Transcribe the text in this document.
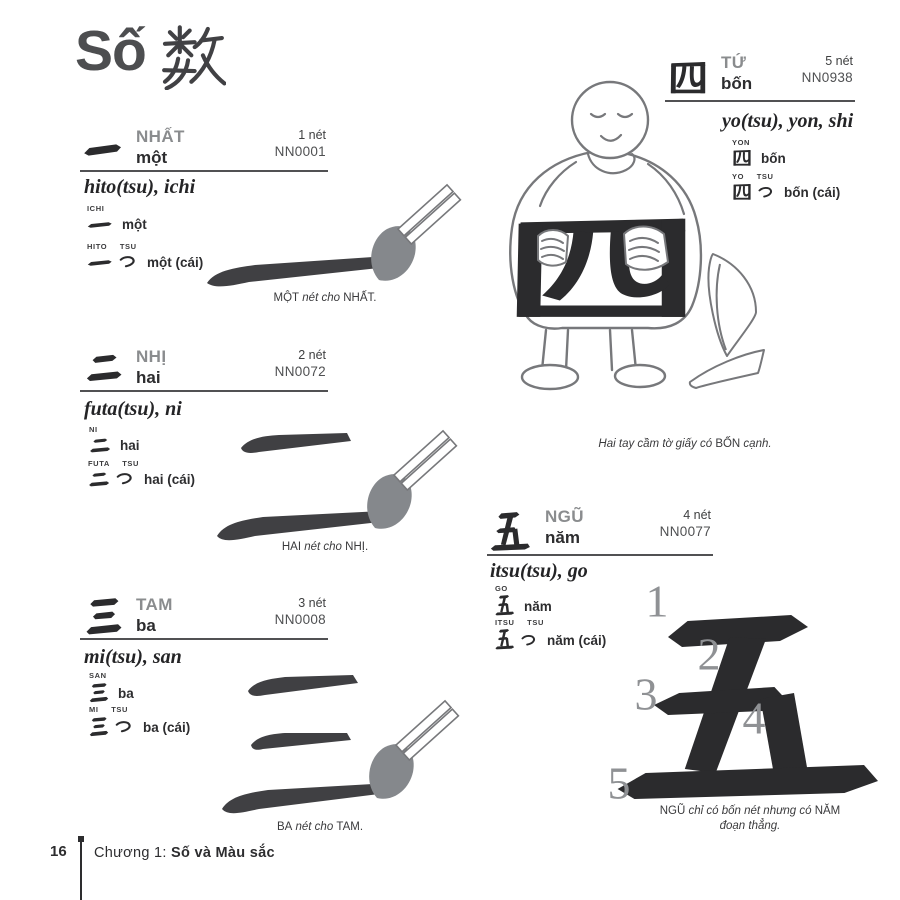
Số
NHẤT
một
1 nét
NN0001
hito(tsu), ichi
ICHI
một
HITO TSU
một (cái)
MỘT nét cho NHẤT.
NHỊ
hai
2 nét
NN0072
futa(tsu), ni
NI
hai
FUTA TSU
hai (cái)
HAI nét cho NHỊ.
TAM
ba
3 nét
NN0008
mi(tsu), san
SAN
ba
MI TSU
ba (cái)
BA nét cho TAM.
TỨ
bốn
5 nét
NN0938
yo(tsu), yon, shi
YON
bốn
YO TSU
bốn (cái)
Hai tay cầm tờ giấy có BỐN cạnh.
NGŨ
năm
4 nét
NN0077
itsu(tsu), go
GO
năm
ITSU TSU
năm (cái)
1
2
3 4
5
NGŨ chỉ có bốn nét nhưng có NĂM
đoạn thẳng.
16 Chương 1: Số và Màu sắc
